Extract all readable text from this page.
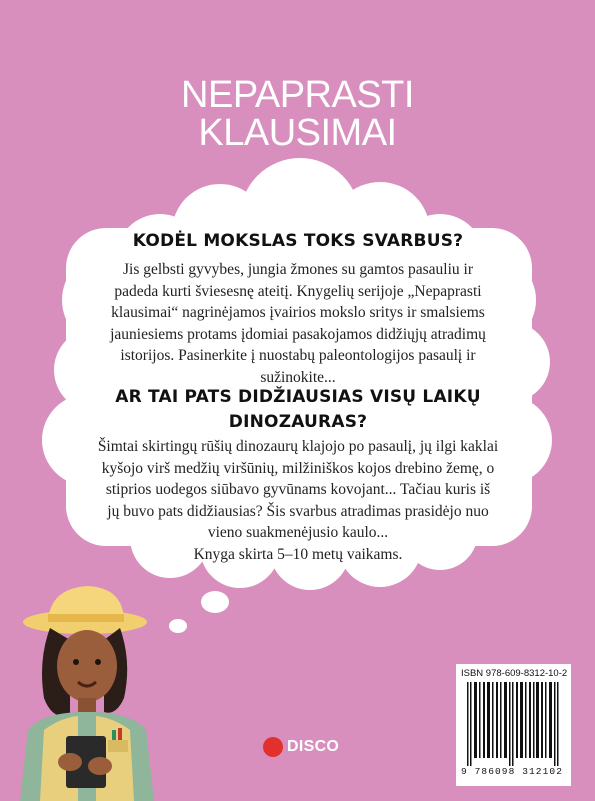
NEPAPRASTI
KLAUSIMAI
KODĖL MOKSLAS TOKS SVARBUS?
Jis gelbsti gyvybes, jungia žmones su gamtos pasauliu ir
padeda kurti šviesesnę ateitį. Knygelių serijoje „Nepaprasti
klausimai“ nagrinėjamos įvairios mokslo sritys ir smalsiems
jauniesiems protams įdomiai pasakojamos didžiųjų atradimų
istorijos. Pasinerkite į nuostabų paleontologijos pasaulį ir
sužinokite...
AR TAI PATS DIDŽIAUSIAS VISŲ LAIKŲ
DINOZAURAS?
Šimtai skirtingų rūšių dinozaurų klajojo po pasaulį, jų ilgi kaklai
kyšojo virš medžių viršūnių, milžiniškos kojos drebino žemę, o
stiprios uodegos siūbavo gyvūnams kovojant... Tačiau kuris iš
jų buvo pats didžiausias? Šis svarbus atradimas prasidėjo nuo
vieno suakmenėjusio kaulo...
Knyga skirta 5–10 metų vaikams.
DISCO
ISBN 978-609-8312-10-2
9 786098 312102
